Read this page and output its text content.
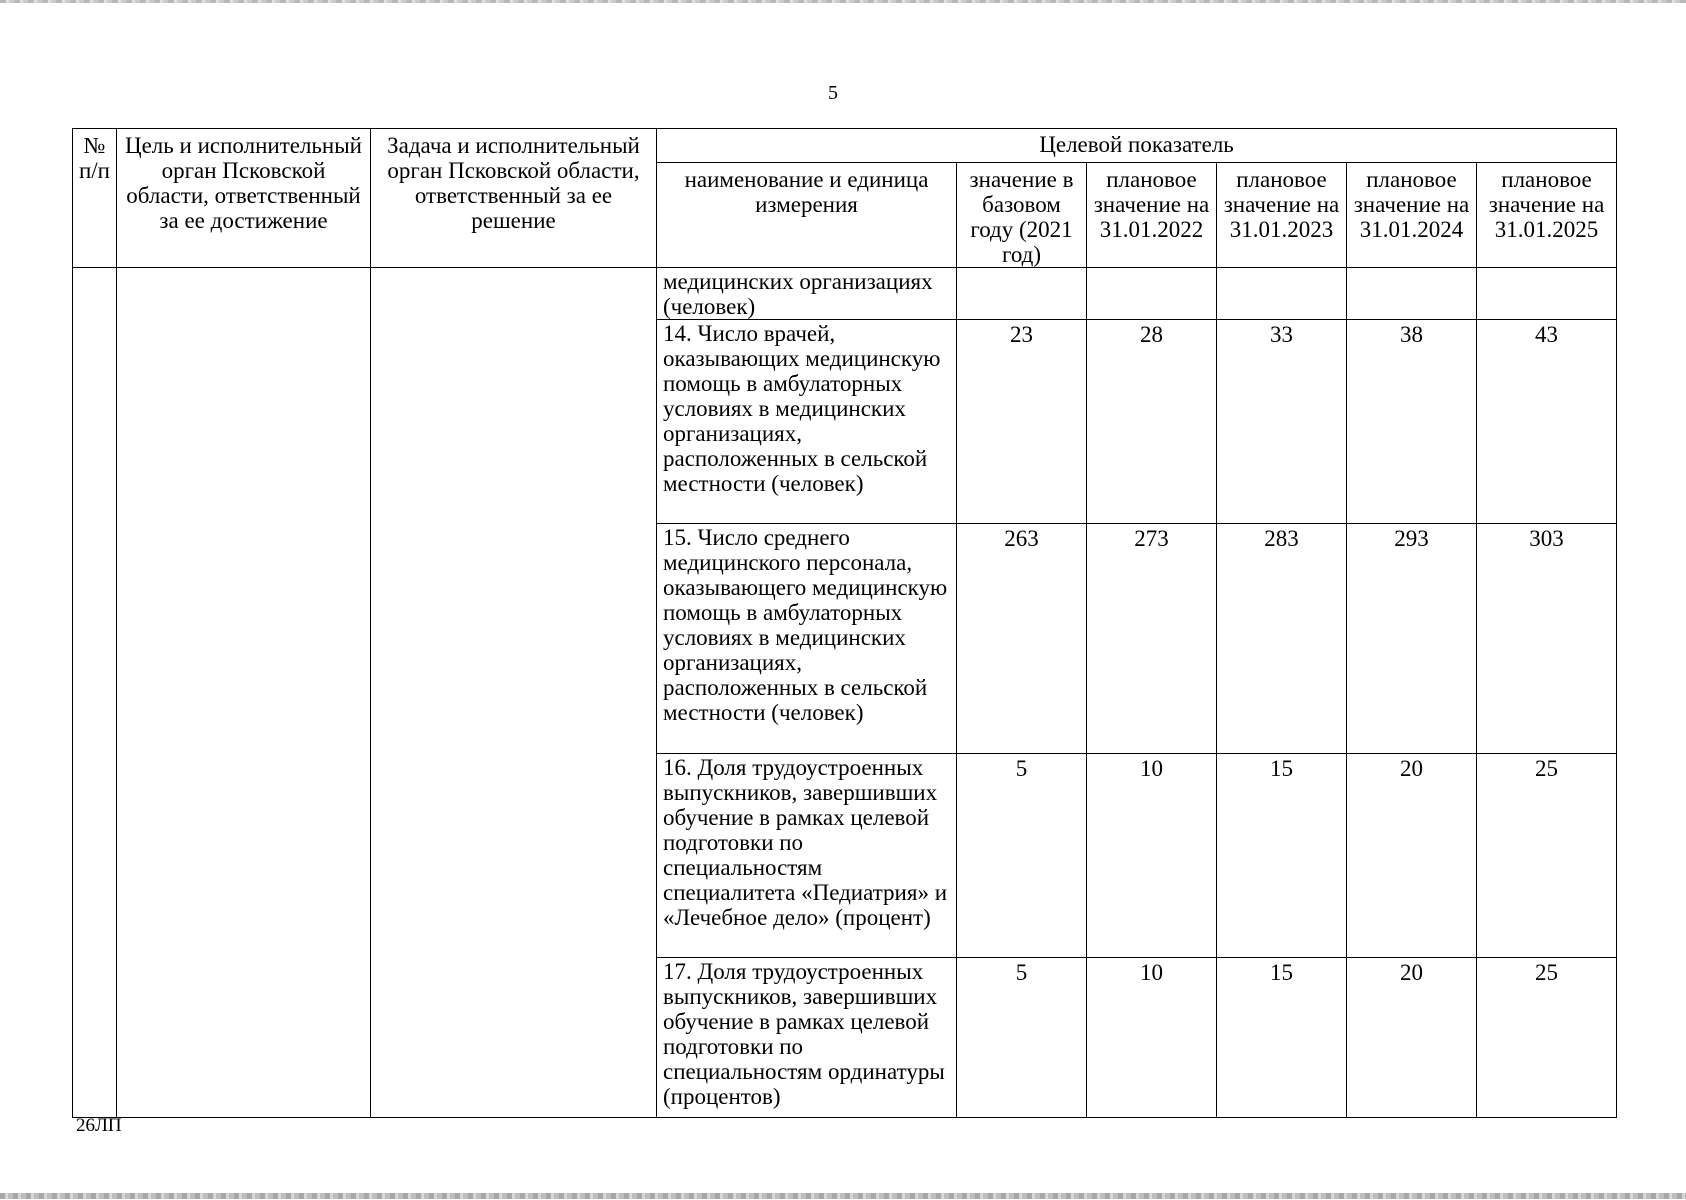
5
№ п/п	Цель и исполнительный орган Псковской области, ответственный за ее достижение	Задача и исполнительный орган Псковской области, ответственный за ее решение	Целевой показатель					
			наименование и единица измерения	значение в базовом году (2021 год)	плановое значение на 31.01.2022	плановое значение на 31.01.2023	плановое значение на 31.01.2024	плановое значение на 31.01.2025
			медицинских организациях (человек)					
			14. Число врачей, оказывающих медицинскую помощь в амбулаторных условиях в медицинских организациях, расположенных в сельской местности (человек)	23	28	33	38	43
			15. Число среднего медицинского персонала, оказывающего медицинскую помощь в амбулаторных условиях в медицинских организациях, расположенных в сельской местности (человек)	263	273	283	293	303
			16. Доля трудоустроенных выпускников, завершивших обучение в рамках целевой подготовки по специальностям специалитета «Педиатрия» и «Лечебное дело» (процент)	5	10	15	20	25
			17. Доля трудоустроенных выпускников, завершивших обучение в рамках целевой подготовки по специальностям ординатуры (процентов)	5	10	15	20	25
26ЛП
